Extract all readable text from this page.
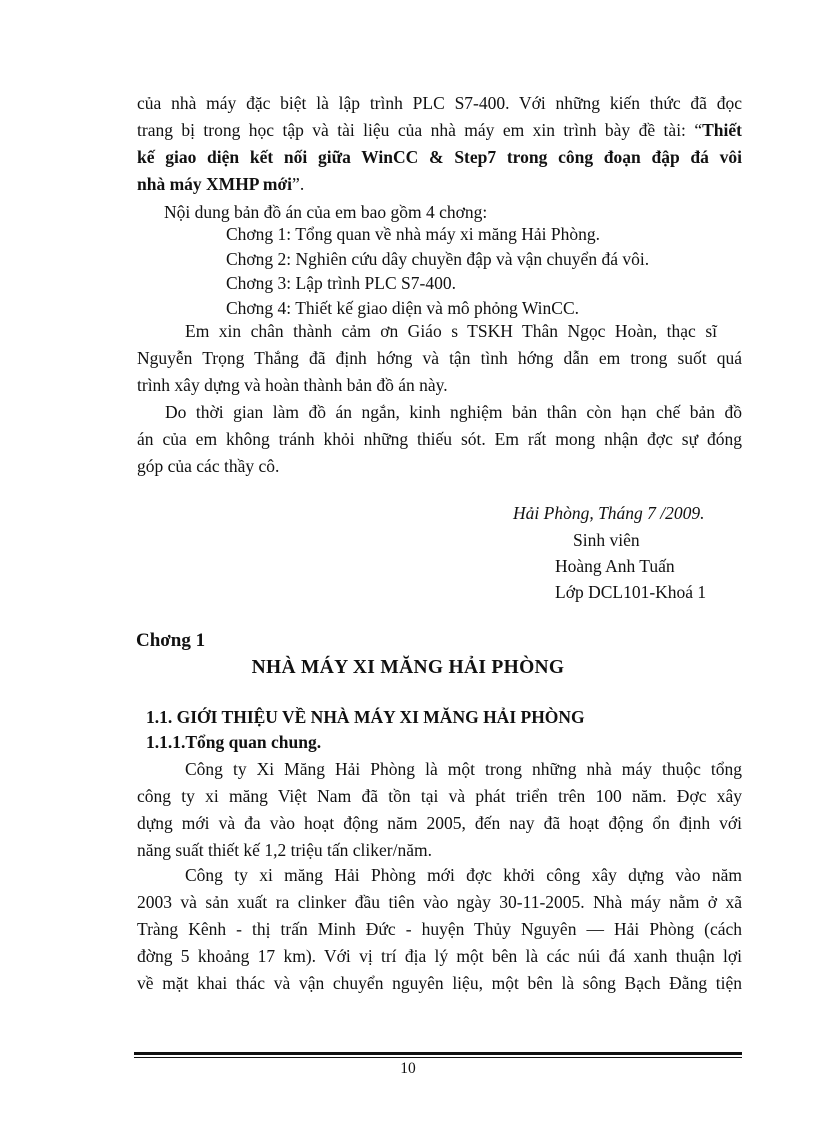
của nhà máy đặc biệt là lập trình PLC S7-400. Với những kiến thức đã đọc
trang bị trong học tập và tài liệu của nhà máy em xin trình bày đề tài: “Thiết
kế giao diện kết nối giữa WinCC & Step7 trong công đoạn đập đá vôi
nhà máy XMHP mới”.
Nội dung bản đồ án của em bao gồm 4 chơng:
Chơng 1: Tổng quan về nhà máy xi măng Hải Phòng.
Chơng 2: Nghiên cứu dây chuyền đập và vận chuyển đá vôi.
Chơng 3: Lập trình PLC S7-400.
Chơng 4: Thiết kế giao diện và mô phỏng WinCC.
Em xin chân thành cảm ơn Giáo s TSKH Thân Ngọc Hoàn, thạc sĩ
Nguyễn Trọng Thắng đã định hớng và tận tình hớng dẫn em trong suốt quá
trình xây dựng và hoàn thành bản đồ án này.
Do thời gian làm đồ án ngắn, kinh nghiệm bản thân còn hạn chế bản đồ
án của em không tránh khỏi những thiếu sót. Em rất mong nhận đợc sự đóng
góp của các thầy cô.
Hải Phòng, Tháng 7 /2009.
Sinh viên
Hoàng Anh Tuấn
Lớp DCL101-Khoá 1
Chơng 1
NHÀ MÁY XI MĂNG HẢI PHÒNG
1.1. GIỚI THIỆU VỀ NHÀ MÁY XI MĂNG HẢI PHÒNG
1.1.1.Tổng quan chung.
Công ty Xi Măng Hải Phòng là một trong những nhà máy thuộc tổng
công ty xi măng Việt Nam đã tồn tại và phát triển trên 100 năm. Đợc xây
dựng mới và đa vào hoạt động năm 2005, đến nay đã hoạt động ổn định với
năng suất thiết kế 1,2 triệu tấn cliker/năm.
Công ty xi măng Hải Phòng mới đợc khởi công xây dựng vào năm
2003 và sản xuất ra clinker đầu tiên vào ngày 30-11-2005. Nhà máy nằm ở xã
Tràng Kênh - thị trấn Minh Đức - huyện Thủy Nguyên — Hải Phòng (cách
đờng 5 khoảng 17 km). Với vị trí địa lý một bên là các núi đá xanh thuận lợi
về mặt khai thác và vận chuyển nguyên liệu, một bên là sông Bạch Đằng tiện
10
